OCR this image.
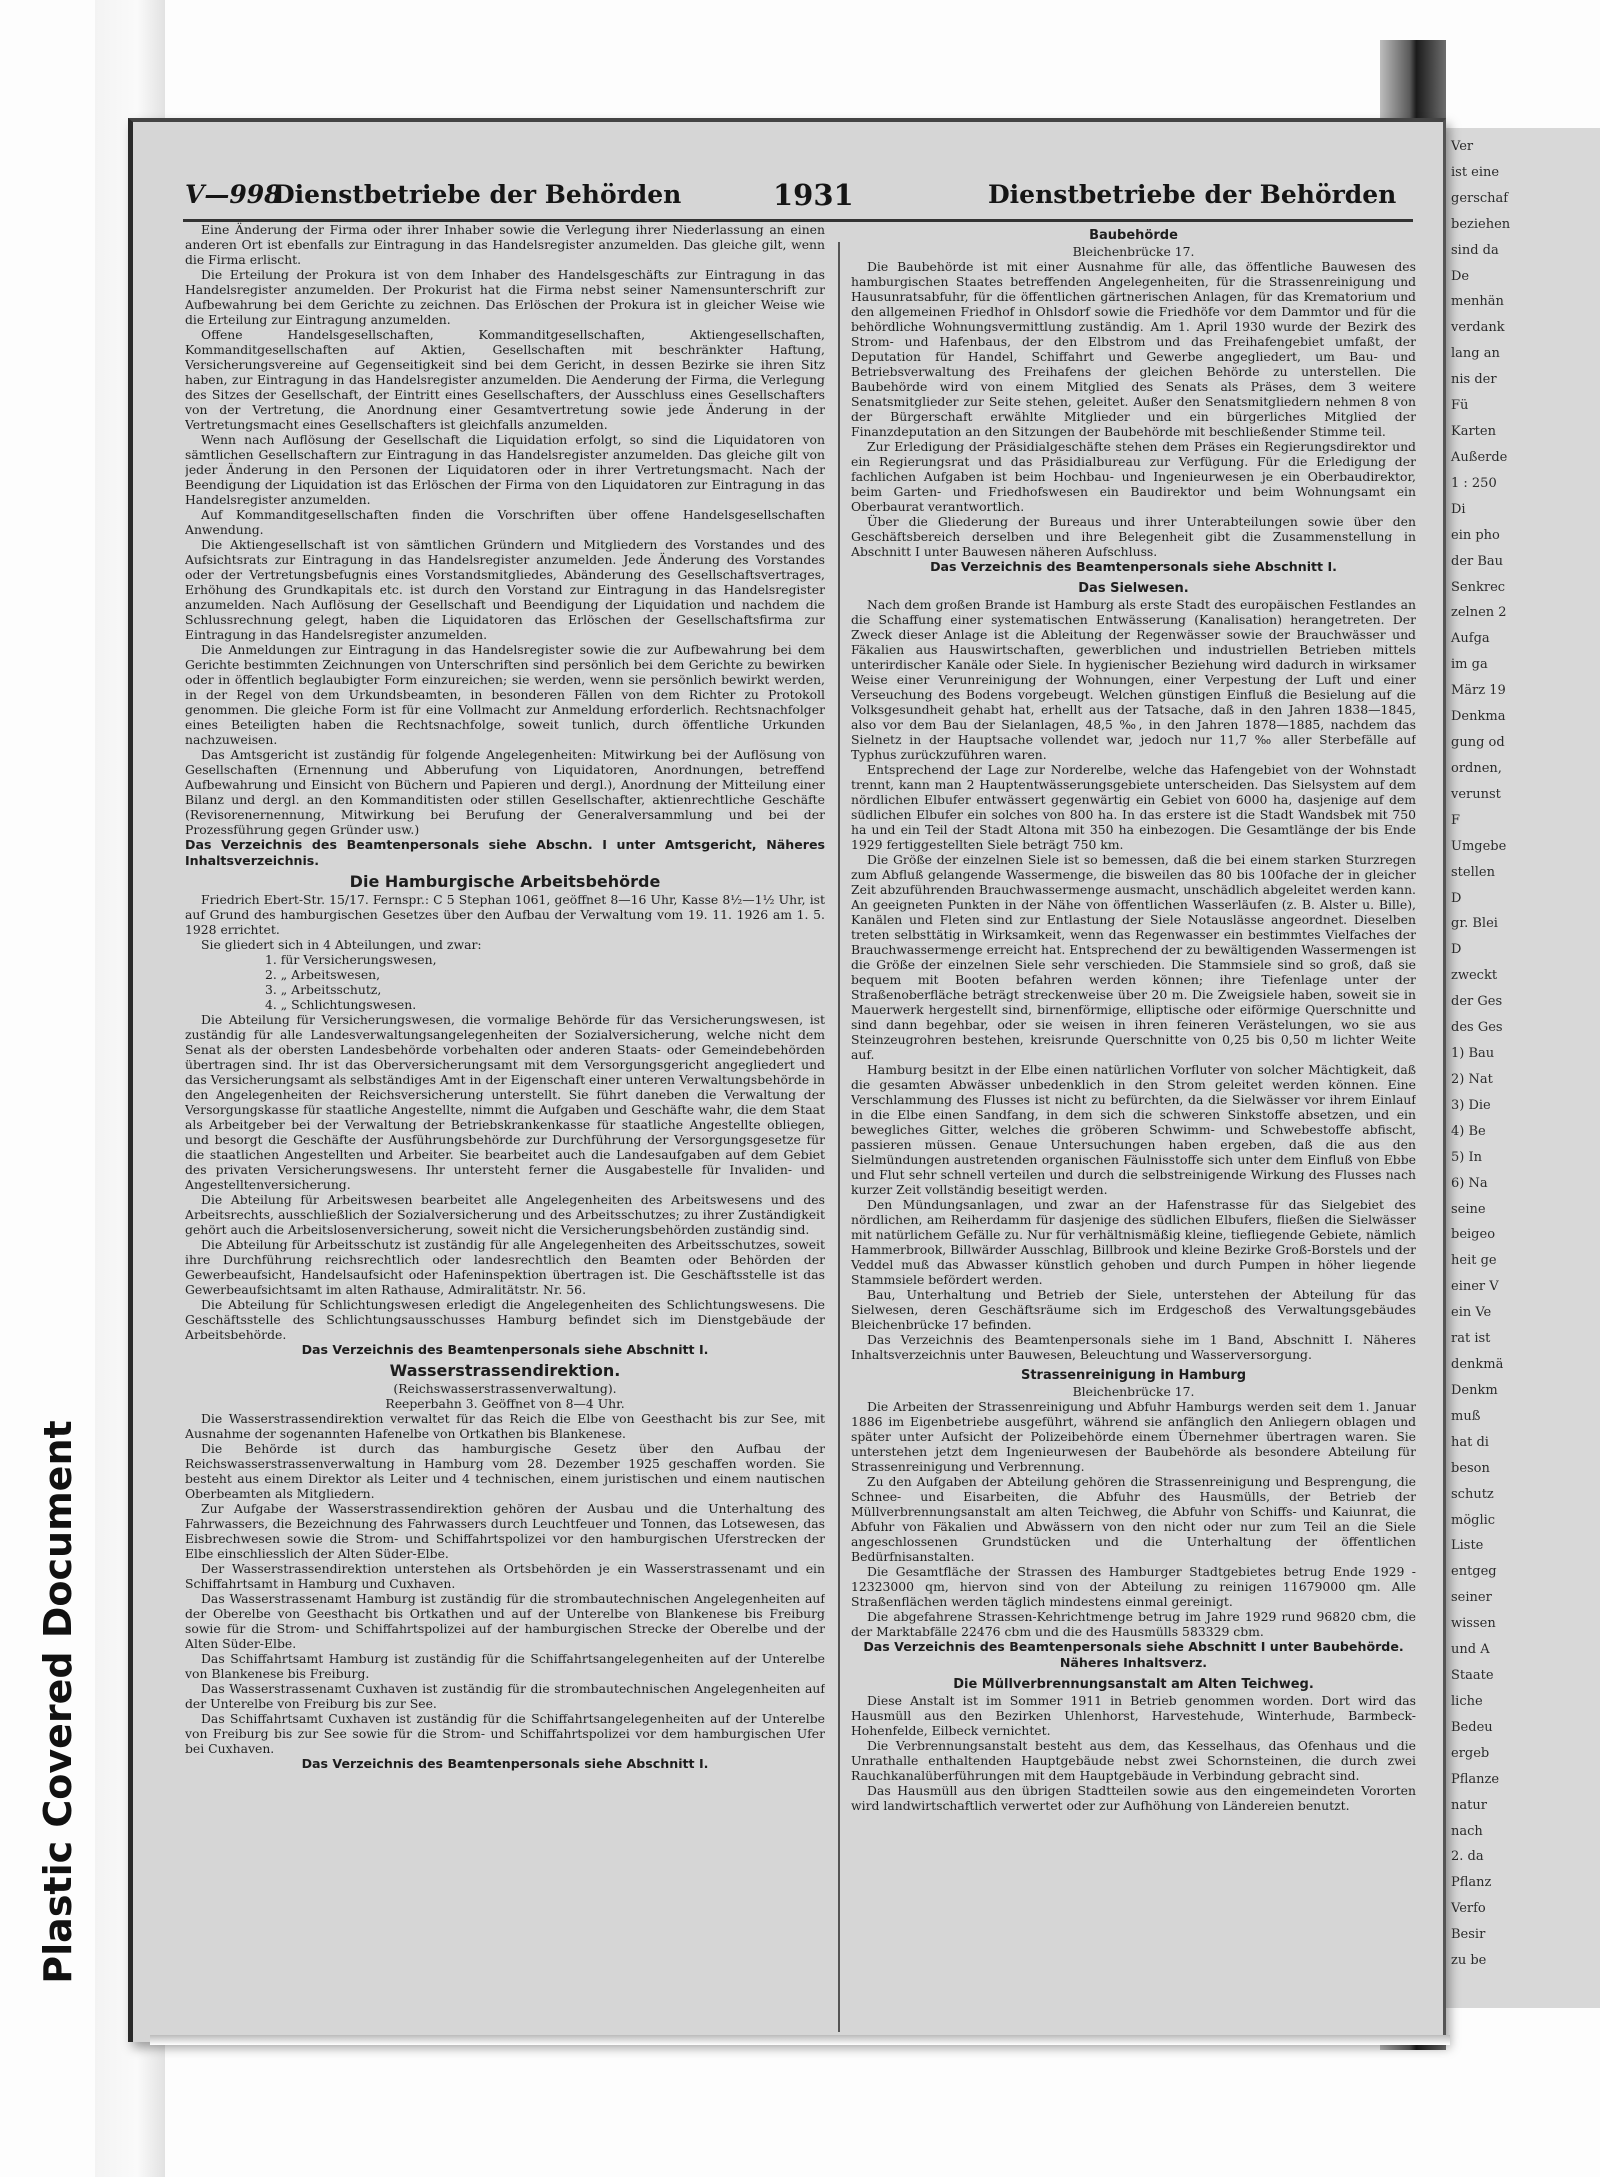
Plastic Covered Document
Ver
ist eine
gerschaf
beziehen
sind da
De
menhän
verdank
lang an
nis der
Fü
Karten
Außerde
1 : 250
Di
ein pho
der Bau
Senkrec
zelnen 2
Aufga
im ga
März 19
Denkma
gung od
ordnen,
verunst
F
Umgebe
stellen
D
gr. Blei
D
zweckt
der Ges
des Ges
1) Bau
2) Nat
3) Die
4) Be
5) In
6) Na
seine
beigeo
heit ge
einer V
ein Ve
rat ist
denkmä
Denkm
muß
hat di
beson
schutz
möglic
Liste
entgeg
seiner
wissen
und A
Staate
liche
Bedeu
ergeb
Pflanze
natur
nach
2. da
Pflanz
Verfo
Besir
zu be
V—998
Dienstbetriebe der Behörden	1931	Dienstbetriebe der Behörden

Eine Änderung der Firma oder ihrer Inhaber sowie die Verlegung ihrer Niederlassung an einen anderen Ort ist ebenfalls zur Eintragung in das Handelsregister anzumelden. Das gleiche gilt, wenn die Firma erlischt.

Die Erteilung der Prokura ist von dem Inhaber des Handelsgeschäfts zur Eintragung in das Handelsregister anzumelden. Der Prokurist hat die Firma nebst seiner Namensunterschrift zur Aufbewahrung bei dem Gerichte zu zeichnen. Das Erlöschen der Prokura ist in gleicher Weise wie die Erteilung zur Eintragung anzumelden.

Offene Handelsgesellschaften, Kommanditgesellschaften, Aktiengesellschaften, Kommanditgesellschaften auf Aktien, Gesellschaften mit beschränkter Haftung, Versicherungsvereine auf Gegenseitigkeit sind bei dem Gericht, in dessen Bezirke sie ihren Sitz haben, zur Eintragung in das Handelsregister anzumelden. Die Aenderung der Firma, die Verlegung des Sitzes der Gesellschaft, der Eintritt eines Gesellschafters, der Ausschluss eines Gesellschafters von der Vertretung, die Anordnung einer Gesamtvertretung sowie jede Änderung in der Vertretungsmacht eines Gesellschafters ist gleichfalls anzumelden.

Wenn nach Auflösung der Gesellschaft die Liquidation erfolgt, so sind die Liquidatoren von sämtlichen Gesellschaftern zur Eintragung in das Handelsregister anzumelden. Das gleiche gilt von jeder Änderung in den Personen der Liquidatoren oder in ihrer Vertretungsmacht. Nach der Beendigung der Liquidation ist das Erlöschen der Firma von den Liquidatoren zur Eintragung in das Handelsregister anzumelden.

Auf Kommanditgesellschaften finden die Vorschriften über offene Handelsgesellschaften Anwendung.

Die Aktiengesellschaft ist von sämtlichen Gründern und Mitgliedern des Vorstandes und des Aufsichtsrats zur Eintragung in das Handelsregister anzumelden. Jede Änderung des Vorstandes oder der Vertretungsbefugnis eines Vorstandsmitgliedes, Abänderung des Gesellschaftsvertrages, Erhöhung des Grundkapitals etc. ist durch den Vorstand zur Eintragung in das Handelsregister anzumelden. Nach Auflösung der Gesellschaft und Beendigung der Liquidation und nachdem die Schlussrechnung gelegt, haben die Liquidatoren das Erlöschen der Gesellschaftsfirma zur Eintragung in das Handelsregister anzumelden.

Die Anmeldungen zur Eintragung in das Handelsregister sowie die zur Aufbewahrung bei dem Gerichte bestimmten Zeichnungen von Unterschriften sind persönlich bei dem Gerichte zu bewirken oder in öffentlich beglaubigter Form einzureichen; sie werden, wenn sie persönlich bewirkt werden, in der Regel von dem Urkundsbeamten, in besonderen Fällen von dem Richter zu Protokoll genommen. Die gleiche Form ist für eine Vollmacht zur Anmeldung erforderlich. Rechtsnachfolger eines Beteiligten haben die Rechtsnachfolge, soweit tunlich, durch öffentliche Urkunden nachzuweisen.

Das Amtsgericht ist zuständig für folgende Angelegenheiten: Mitwirkung bei der Auflösung von Gesellschaften (Ernennung und Abberufung von Liquidatoren, Anordnungen, betreffend Aufbewahrung und Einsicht von Büchern und Papieren und dergl.), Anordnung der Mitteilung einer Bilanz und dergl. an den Kommanditisten oder stillen Gesellschafter, aktienrechtliche Geschäfte (Revisorenernennung, Mitwirkung bei Berufung der Generalversammlung und bei der Prozessführung gegen Gründer usw.)

Das Verzeichnis des Beamtenpersonals siehe Abschn. I unter Amtsgericht, Näheres Inhaltsverzeichnis.

Die Hamburgische Arbeitsbehörde

Friedrich Ebert-Str. 15/17. Fernspr.: C 5 Stephan 1061, geöffnet 8—16 Uhr, Kasse 8½—1½ Uhr, ist auf Grund des hamburgischen Gesetzes über den Aufbau der Verwaltung vom 19. 11. 1926 am 1. 5. 1928 errichtet.

Sie gliedert sich in 4 Abteilungen, und zwar:

1. für Versicherungswesen,
2. „ Arbeitswesen,
3. „ Arbeitsschutz,
4. „ Schlichtungswesen.

Die Abteilung für Versicherungswesen, die vormalige Behörde für das Versicherungswesen, ist zuständig für alle Landesverwaltungsangelegenheiten der Sozialversicherung, welche nicht dem Senat als der obersten Landesbehörde vorbehalten oder anderen Staats- oder Gemeindebehörden übertragen sind. Ihr ist das Oberversicherungsamt mit dem Versorgungsgericht angegliedert und das Versicherungsamt als selbständiges Amt in der Eigenschaft einer unteren Verwaltungsbehörde in den Angelegenheiten der Reichsversicherung unterstellt. Sie führt daneben die Verwaltung der Versorgungskasse für staatliche Angestellte, nimmt die Aufgaben und Geschäfte wahr, die dem Staat als Arbeitgeber bei der Verwaltung der Betriebskrankenkasse für staatliche Angestellte obliegen, und besorgt die Geschäfte der Ausführungsbehörde zur Durchführung der Versorgungsgesetze für die staatlichen Angestellten und Arbeiter. Sie bearbeitet auch die Landesaufgaben auf dem Gebiet des privaten Versicherungswesens. Ihr untersteht ferner die Ausgabestelle für Invaliden- und Angestelltenversicherung.

Die Abteilung für Arbeitswesen bearbeitet alle Angelegenheiten des Arbeitswesens und des Arbeitsrechts, ausschließlich der Sozialversicherung und des Arbeitsschutzes; zu ihrer Zuständigkeit gehört auch die Arbeitslosenversicherung, soweit nicht die Versicherungsbehörden zuständig sind.

Die Abteilung für Arbeitsschutz ist zuständig für alle Angelegenheiten des Arbeitsschutzes, soweit ihre Durchführung reichsrechtlich oder landesrechtlich den Beamten oder Behörden der Gewerbeaufsicht, Handelsaufsicht oder Hafeninspektion übertragen ist. Die Geschäftsstelle ist das Gewerbeaufsichtsamt im alten Rathause, Admiralitätstr. Nr. 56.

Die Abteilung für Schlichtungswesen erledigt die Angelegenheiten des Schlichtungswesens. Die Geschäftsstelle des Schlichtungsausschusses Hamburg befindet sich im Dienstgebäude der Arbeitsbehörde.

Das Verzeichnis des Beamtenpersonals siehe Abschnitt I.

Wasserstrassendirektion.

(Reichswasserstrassenverwaltung).

Reeperbahn 3. Geöffnet von 8—4 Uhr.

Die Wasserstrassendirektion verwaltet für das Reich die Elbe von Geesthacht bis zur See, mit Ausnahme der sogenannten Hafenelbe von Ortkathen bis Blankenese.

Die Behörde ist durch das hamburgische Gesetz über den Aufbau der Reichswasserstrassenverwaltung in Hamburg vom 28. Dezember 1925 geschaffen worden. Sie besteht aus einem Direktor als Leiter und 4 technischen, einem juristischen und einem nautischen Oberbeamten als Mitgliedern.

Zur Aufgabe der Wasserstrassendirektion gehören der Ausbau und die Unterhaltung des Fahrwassers, die Bezeichnung des Fahrwassers durch Leuchtfeuer und Tonnen, das Lotsewesen, das Eisbrechwesen sowie die Strom- und Schiffahrtspolizei vor den hamburgischen Uferstrecken der Elbe einschliesslich der Alten Süder-Elbe.

Der Wasserstrassendirektion unterstehen als Ortsbehörden je ein Wasserstrassenamt und ein Schiffahrtsamt in Hamburg und Cuxhaven.

Das Wasserstrassenamt Hamburg ist zuständig für die strombautechnischen Angelegenheiten auf der Oberelbe von Geesthacht bis Ortkathen und auf der Unterelbe von Blankenese bis Freiburg sowie für die Strom- und Schiffahrtspolizei auf der hamburgischen Strecke der Oberelbe und der Alten Süder-Elbe.

Das Schiffahrtsamt Hamburg ist zuständig für die Schiffahrtsangelegenheiten auf der Unterelbe von Blankenese bis Freiburg.

Das Wasserstrassenamt Cuxhaven ist zuständig für die strombautechnischen Angelegenheiten auf der Unterelbe von Freiburg bis zur See.

Das Schiffahrtsamt Cuxhaven ist zuständig für die Schiffahrtsangelegenheiten auf der Unterelbe von Freiburg bis zur See sowie für die Strom- und Schiffahrtspolizei vor dem hamburgischen Ufer bei Cuxhaven.

Das Verzeichnis des Beamtenpersonals siehe Abschnitt I.

Baubehörde

Bleichenbrücke 17.

Die Baubehörde ist mit einer Ausnahme für alle, das öffentliche Bauwesen des hamburgischen Staates betreffenden Angelegenheiten, für die Strassenreinigung und Hausunratsabfuhr, für die öffentlichen gärtnerischen Anlagen, für das Krematorium und den allgemeinen Friedhof in Ohlsdorf sowie die Friedhöfe vor dem Dammtor und für die behördliche Wohnungsvermittlung zuständig. Am 1. April 1930 wurde der Bezirk des Strom- und Hafenbaus, der den Elbstrom und das Freihafengebiet umfaßt, der Deputation für Handel, Schiffahrt und Gewerbe angegliedert, um Bau- und Betriebsverwaltung des Freihafens der gleichen Behörde zu unterstellen. Die Baubehörde wird von einem Mitglied des Senats als Präses, dem 3 weitere Senatsmitglieder zur Seite stehen, geleitet. Außer den Senatsmitgliedern nehmen 8 von der Bürgerschaft erwählte Mitglieder und ein bürgerliches Mitglied der Finanzdeputation an den Sitzungen der Baubehörde mit beschließender Stimme teil.

Zur Erledigung der Präsidialgeschäfte stehen dem Präses ein Regierungsdirektor und ein Regierungsrat und das Präsidialbureau zur Verfügung. Für die Erledigung der fachlichen Aufgaben ist beim Hochbau- und Ingenieurwesen je ein Oberbaudirektor, beim Garten- und Friedhofswesen ein Baudirektor und beim Wohnungsamt ein Oberbaurat verantwortlich.

Über die Gliederung der Bureaus und ihrer Unterabteilungen sowie über den Geschäftsbereich derselben und ihre Belegenheit gibt die Zusammenstellung in Abschnitt I unter Bauwesen näheren Aufschluss.

Das Verzeichnis des Beamtenpersonals siehe Abschnitt I.

Das Sielwesen.

Nach dem großen Brande ist Hamburg als erste Stadt des europäischen Festlandes an die Schaffung einer systematischen Entwässerung (Kanalisation) herangetreten. Der Zweck dieser Anlage ist die Ableitung der Regenwässer sowie der Brauchwässer und Fäkalien aus Hauswirtschaften, gewerblichen und industriellen Betrieben mittels unterirdischer Kanäle oder Siele. In hygienischer Beziehung wird dadurch in wirksamer Weise einer Verunreinigung der Wohnungen, einer Verpestung der Luft und einer Verseuchung des Bodens vorgebeugt. Welchen günstigen Einfluß die Besielung auf die Volksgesundheit gehabt hat, erhellt aus der Tatsache, daß in den Jahren 1838—1845, also vor dem Bau der Sielanlagen, 48,5 ‰, in den Jahren 1878—1885, nachdem das Sielnetz in der Hauptsache vollendet war, jedoch nur 11,7 ‰ aller Sterbefälle auf Typhus zurückzuführen waren.

Entsprechend der Lage zur Norderelbe, welche das Hafengebiet von der Wohnstadt trennt, kann man 2 Hauptentwässerungsgebiete unterscheiden. Das Sielsystem auf dem nördlichen Elbufer entwässert gegenwärtig ein Gebiet von 6000 ha, dasjenige auf dem südlichen Elbufer ein solches von 800 ha. In das erstere ist die Stadt Wandsbek mit 750 ha und ein Teil der Stadt Altona mit 350 ha einbezogen. Die Gesamtlänge der bis Ende 1929 fertiggestellten Siele beträgt 750 km.

Die Größe der einzelnen Siele ist so bemessen, daß die bei einem starken Sturzregen zum Abfluß gelangende Wassermenge, die bisweilen das 80 bis 100fache der in gleicher Zeit abzuführenden Brauchwassermenge ausmacht, unschädlich abgeleitet werden kann. An geeigneten Punkten in der Nähe von öffentlichen Wasserläufen (z. B. Alster u. Bille), Kanälen und Fleten sind zur Entlastung der Siele Notauslässe angeordnet. Dieselben treten selbsttätig in Wirksamkeit, wenn das Regenwasser ein bestimmtes Vielfaches der Brauchwassermenge erreicht hat. Entsprechend der zu bewältigenden Wassermengen ist die Größe der einzelnen Siele sehr verschieden. Die Stammsiele sind so groß, daß sie bequem mit Booten befahren werden können; ihre Tiefenlage unter der Straßenoberfläche beträgt streckenweise über 20 m. Die Zweigsiele haben, soweit sie in Mauerwerk hergestellt sind, birnenförmige, elliptische oder eiförmige Querschnitte und sind dann begehbar, oder sie weisen in ihren feineren Verästelungen, wo sie aus Steinzeugrohren bestehen, kreisrunde Querschnitte von 0,25 bis 0,50 m lichter Weite auf.

Hamburg besitzt in der Elbe einen natürlichen Vorfluter von solcher Mächtigkeit, daß die gesamten Abwässer unbedenklich in den Strom geleitet werden können. Eine Verschlammung des Flusses ist nicht zu befürchten, da die Sielwässer vor ihrem Einlauf in die Elbe einen Sandfang, in dem sich die schweren Sinkstoffe absetzen, und ein bewegliches Gitter, welches die gröberen Schwimm- und Schwebestoffe abfischt, passieren müssen. Genaue Untersuchungen haben ergeben, daß die aus den Sielmündungen austretenden organischen Fäulnisstoffe sich unter dem Einfluß von Ebbe und Flut sehr schnell verteilen und durch die selbstreinigende Wirkung des Flusses nach kurzer Zeit vollständig beseitigt werden.

Den Mündungsanlagen, und zwar an der Hafenstrasse für das Sielgebiet des nördlichen, am Reiherdamm für dasjenige des südlichen Elbufers, fließen die Sielwässer mit natürlichem Gefälle zu. Nur für verhältnismäßig kleine, tiefliegende Gebiete, nämlich Hammerbrook, Billwärder Ausschlag, Billbrook und kleine Bezirke Groß-Borstels und der Veddel muß das Abwasser künstlich gehoben und durch Pumpen in höher liegende Stammsiele befördert werden.

Bau, Unterhaltung und Betrieb der Siele, unterstehen der Abteilung für das Sielwesen, deren Geschäftsräume sich im Erdgeschoß des Verwaltungsgebäudes Bleichenbrücke 17 befinden.

Das Verzeichnis des Beamtenpersonals siehe im 1 Band, Abschnitt I. Näheres Inhaltsverzeichnis unter Bauwesen, Beleuchtung und Wasserversorgung.

Strassenreinigung in Hamburg

Bleichenbrücke 17.

Die Arbeiten der Strassenreinigung und Abfuhr Hamburgs werden seit dem 1. Januar 1886 im Eigenbetriebe ausgeführt, während sie anfänglich den Anliegern oblagen und später unter Aufsicht der Polizeibehörde einem Übernehmer übertragen waren. Sie unterstehen jetzt dem Ingenieurwesen der Baubehörde als besondere Abteilung für Strassenreinigung und Verbrennung.

Zu den Aufgaben der Abteilung gehören die Strassenreinigung und Besprengung, die Schnee- und Eisarbeiten, die Abfuhr des Hausmülls, der Betrieb der Müllverbrennungsanstalt am alten Teichweg, die Abfuhr von Schiffs- und Kaiunrat, die Abfuhr von Fäkalien und Abwässern von den nicht oder nur zum Teil an die Siele angeschlossenen Grundstücken und die Unterhaltung der öffentlichen Bedürfnisanstalten.

Die Gesamtfläche der Strassen des Hamburger Stadtgebietes betrug Ende 1929 - 12323000 qm, hiervon sind von der Abteilung zu reinigen 11679000 qm. Alle Straßenflächen werden täglich mindestens einmal gereinigt.

Die abgefahrene Strassen-Kehrichtmenge betrug im Jahre 1929 rund 96820 cbm, die der Marktabfälle 22476 cbm und die des Hausmülls 583329 cbm.

Das Verzeichnis des Beamtenpersonals siehe Abschnitt I unter Baubehörde. Näheres Inhaltsverz.

Die Müllverbrennungsanstalt am Alten Teichweg.

Diese Anstalt ist im Sommer 1911 in Betrieb genommen worden. Dort wird das Hausmüll aus den Bezirken Uhlenhorst, Harvestehude, Winterhude, Barmbeck-Hohenfelde, Eilbeck vernichtet.

Die Verbrennungsanstalt besteht aus dem, das Kesselhaus, das Ofenhaus und die Unrathalle enthaltenden Hauptgebäude nebst zwei Schornsteinen, die durch zwei Rauchkanalüberführungen mit dem Hauptgebäude in Verbindung gebracht sind.

Das Hausmüll aus den übrigen Stadtteilen sowie aus den eingemeindeten Vororten wird landwirtschaftlich verwertet oder zur Aufhöhung von Ländereien benutzt.
